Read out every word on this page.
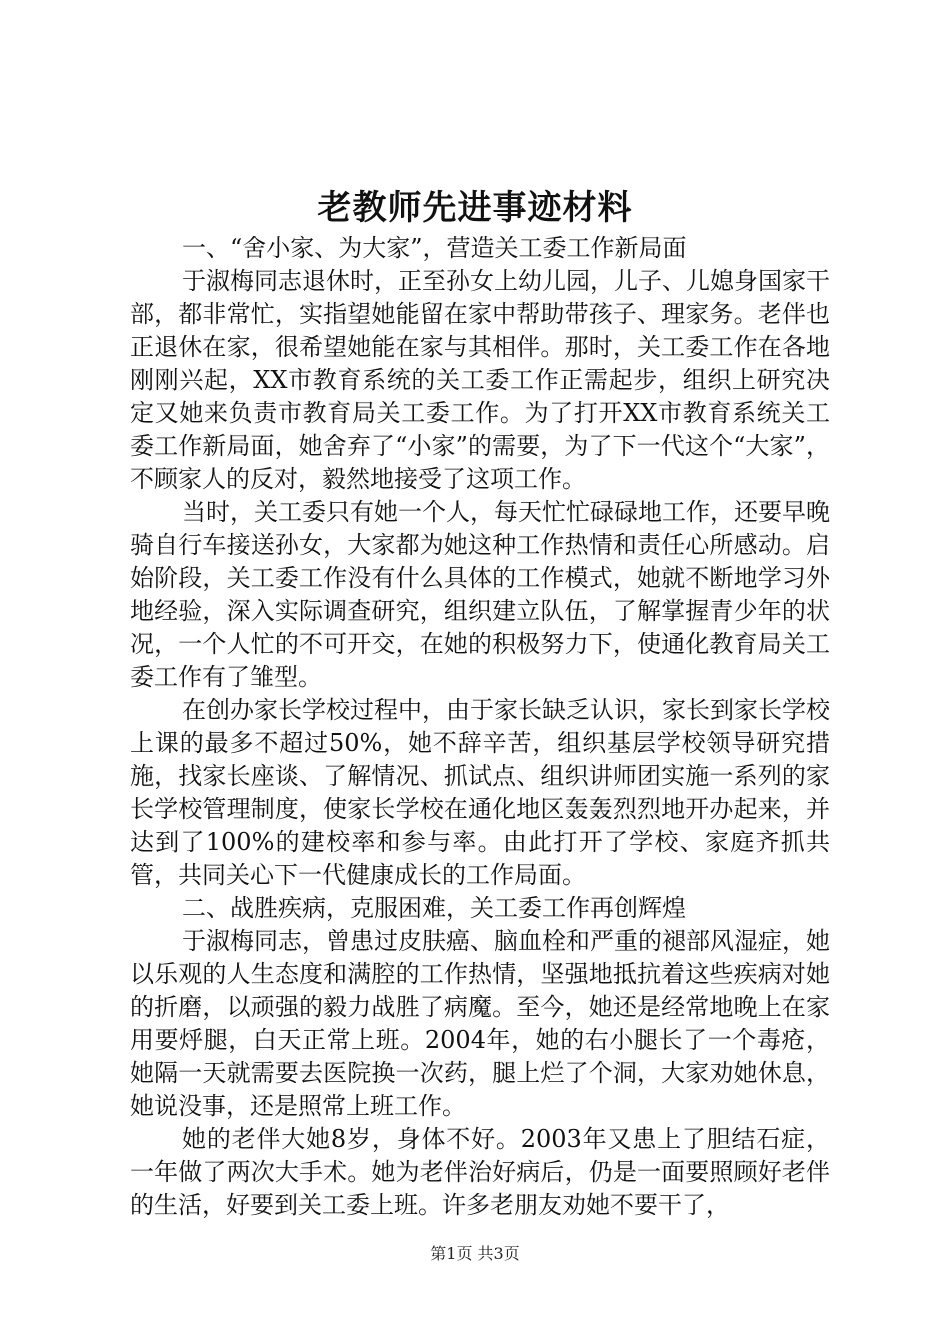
老教师先进事迹材料

一、“舍小家、为大家”，营造关工委工作新局面

于淑梅同志退休时，正至孙女上幼儿园，儿子、儿媳身国家干部，都非常忙，实指望她能留在家中帮助带孩子、理家务。老伴也正退休在家，很希望她能在家与其相伴。那时，关工委工作在各地刚刚兴起，XX市教育系统的关工委工作正需起步，组织上研究决定又她来负责市教育局关工委工作。为了打开XX市教育系统关工委工作新局面，她舍弃了“小家”的需要，为了下一代这个“大家”，不顾家人的反对，毅然地接受了这项工作。

当时，关工委只有她一个人，每天忙忙碌碌地工作，还要早晚骑自行车接送孙女，大家都为她这种工作热情和责任心所感动。启始阶段，关工委工作没有什么具体的工作模式，她就不断地学习外地经验，深入实际调查研究，组织建立队伍，了解掌握青少年的状况，一个人忙的不可开交，在她的积极努力下，使通化教育局关工委工作有了雏型。

在创办家长学校过程中，由于家长缺乏认识，家长到家长学校上课的最多不超过50%，她不辞辛苦，组织基层学校领导研究措施，找家长座谈、了解情况、抓试点、组织讲师团实施一系列的家长学校管理制度，使家长学校在通化地区轰轰烈烈地开办起来，并达到了100%的建校率和参与率。由此打开了学校、家庭齐抓共管，共同关心下一代健康成长的工作局面。

二、战胜疾病，克服困难，关工委工作再创辉煌

于淑梅同志，曾患过皮肤癌、脑血栓和严重的褪部风湿症，她以乐观的人生态度和满腔的工作热情，坚强地抵抗着这些疾病对她的折磨，以顽强的毅力战胜了病魔。至今，她还是经常地晚上在家用要烀腿，白天正常上班。2004年，她的右小腿长了一个毒疮，她隔一天就需要去医院换一次药，腿上烂了个洞，大家劝她休息，她说没事，还是照常上班工作。

她的老伴大她8岁，身体不好。2003年又患上了胆结石症，一年做了两次大手术。她为老伴治好病后，仍是一面要照顾好老伴的生活，好要到关工委上班。许多老朋友劝她不要干了，

第1页 共3页
